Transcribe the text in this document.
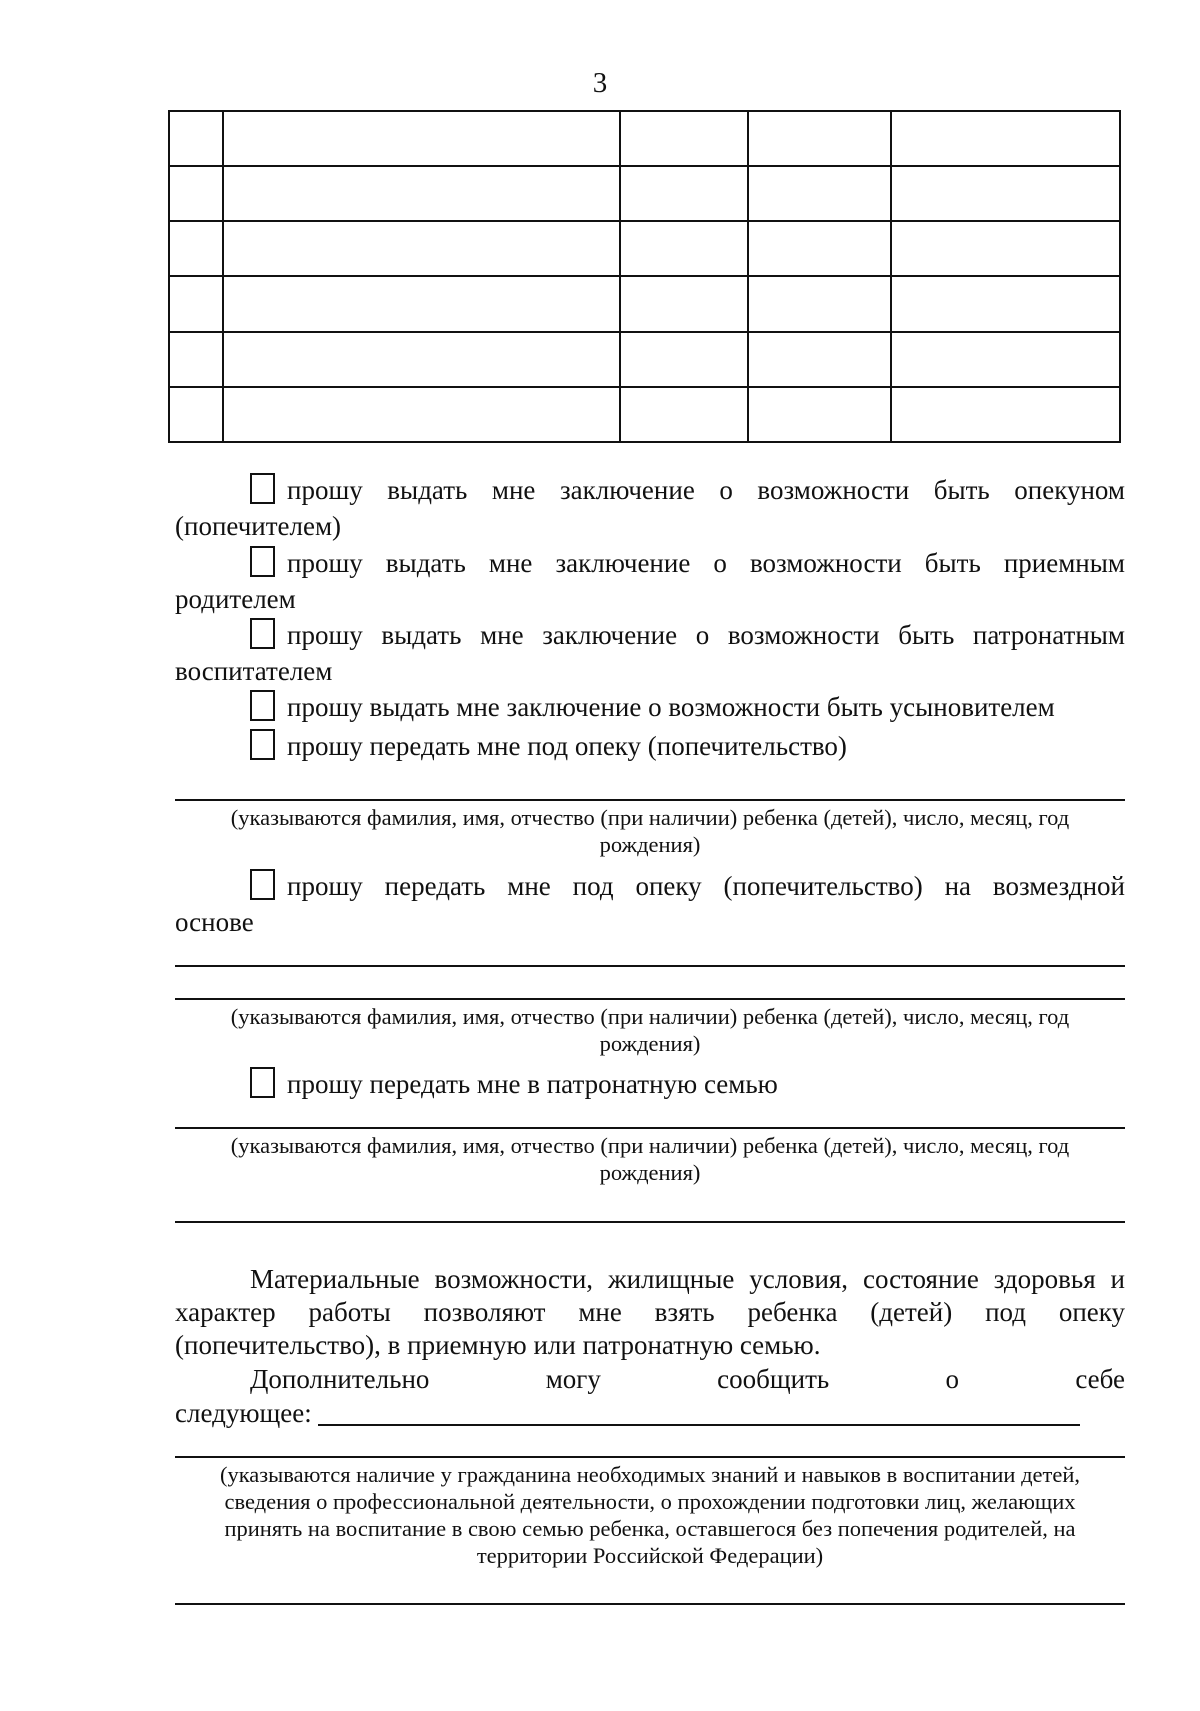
3

прошу выдать мне заключение о возможности быть опекуном
(попечителем)
прошу выдать мне заключение о возможности быть приемным
родителем
прошу выдать мне заключение о возможности быть патронатным
воспитателем
прошу выдать мне заключение о возможности быть усыновителем
прошу передать мне под опеку (попечительство)
(указываются фамилия, имя, отчество (при наличии) ребенка (детей), число, месяц, год
рождения)
прошу передать мне под опеку (попечительство) на возмездной
основе
(указываются фамилия, имя, отчество (при наличии) ребенка (детей), число, месяц, год
рождения)
прошу передать мне в патронатную семью
(указываются фамилия, имя, отчество (при наличии) ребенка (детей), число, месяц, год
рождения)
Материальные возможности, жилищные условия, состояние здоровья и
характер работы позволяют мне взять ребенка (детей) под опеку
(попечительство), в приемную или патронатную семью.
Дополнительно могу сообщить о себе
следующее:
(указываются наличие у гражданина необходимых знаний и навыков в воспитании детей,
сведения о профессиональной деятельности, о прохождении подготовки лиц, желающих
принять на воспитание в свою семью ребенка, оставшегося без попечения родителей, на
территории Российской Федерации)
